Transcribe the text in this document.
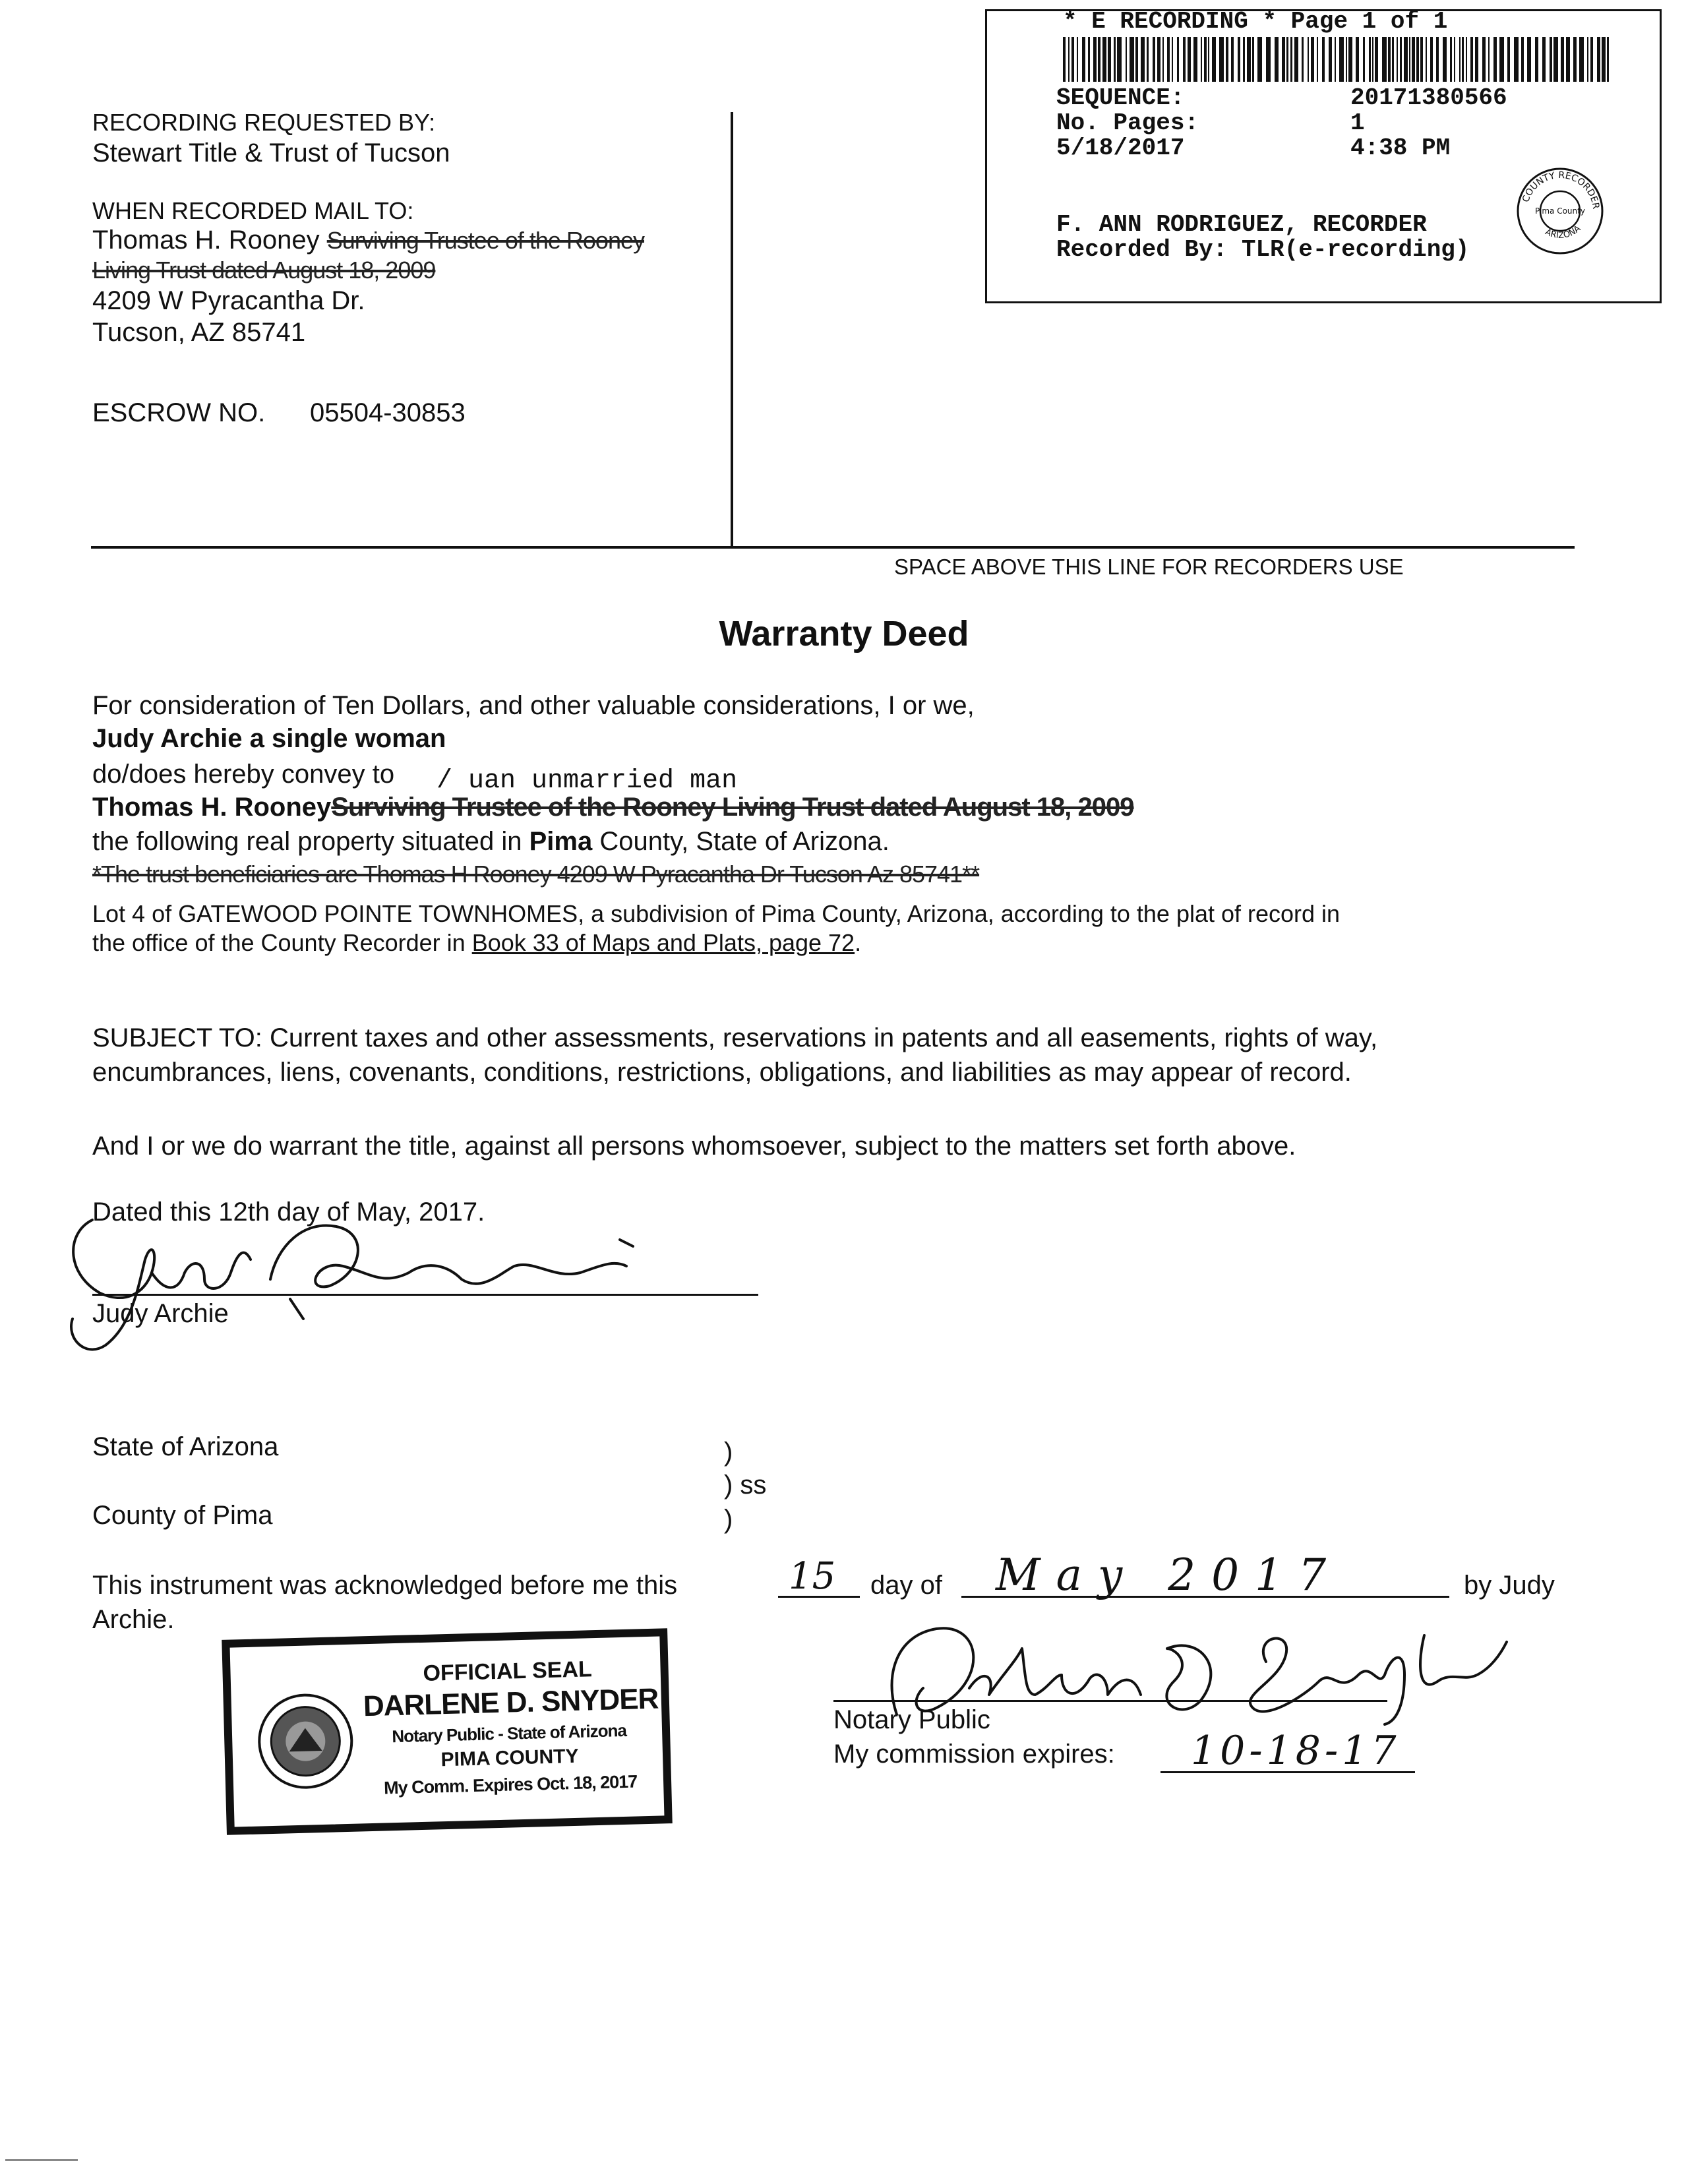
* E RECORDING * Page 1 of 1
SEQUENCE:	20171380566
No. Pages:	1
5/18/2017	4:38 PM
F. ANN RODRIGUEZ, RECORDER
Recorded By: TLR(e-recording)
COUNTY RECORDER
Pima County
ARIZONA
RECORDING REQUESTED BY:
Stewart Title & Trust of Tucson
WHEN RECORDED MAIL TO:
Thomas H. Rooney Surviving Trustee of the Rooney
Living Trust dated August 18, 2009
4209 W Pyracantha Dr.
Tucson, AZ 85741
ESCROW NO. 05504-30853
SPACE ABOVE THIS LINE FOR RECORDERS USE
Warranty Deed
For consideration of Ten Dollars, and other valuable considerations, I or we,
Judy Archie a single woman
do/does hereby convey to / uan unmarried man
Thomas H. RooneySurviving Trustee of the Rooney Living Trust dated August 18, 2009
the following real property situated in Pima County, State of Arizona.
*The trust beneficiaries are Thomas H Rooney 4209 W Pyracantha Dr Tucson Az 85741**
Lot 4 of GATEWOOD POINTE TOWNHOMES, a subdivision of Pima County, Arizona, according to the plat of record in
the office of the County Recorder in Book 33 of Maps and Plats, page 72.
SUBJECT TO: Current taxes and other assessments, reservations in patents and all easements, rights of way,
encumbrances, liens, covenants, conditions, restrictions, obligations, and liabilities as may appear of record.
And I or we do warrant the title, against all persons whomsoever, subject to the matters set forth above.
Dated this 12th day of May, 2017.
Judy Archie
State of Arizona
County of Pima
)
) ss
)
This instrument was acknowledged before me this	15 day of May 2017	by Judy
Archie.
Notary Public
My commission expires: 10-18-17
OFFICIAL SEAL
DARLENE D. SNYDER
Notary Public - State of Arizona
PIMA COUNTY
My Comm. Expires Oct. 18, 2017
